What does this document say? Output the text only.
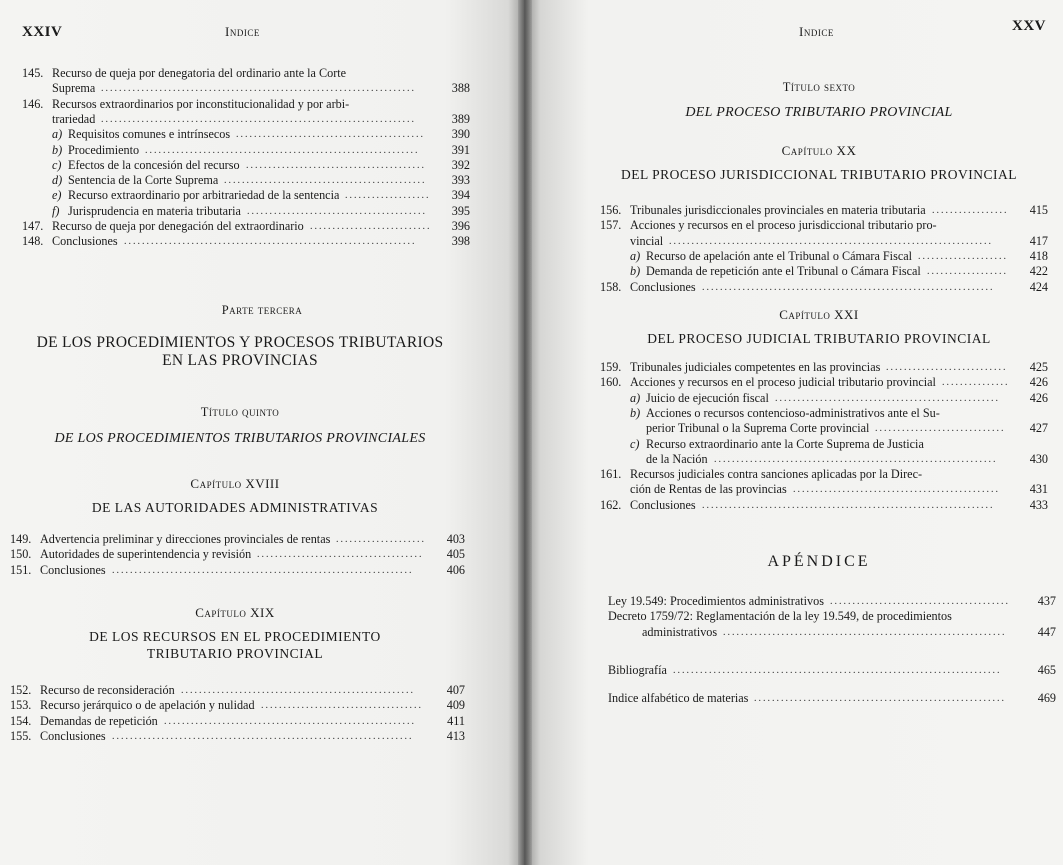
XXIV	Indice
145. Recurso de queja por denegatoria del ordinario ante la Corte
Suprema ......................................................................	388
146. Recursos extraordinarios por inconstitucionalidad y por arbi-
trariedad ......................................................................	389
a) Requisitos comunes e intrínsecos ..........................................	390
b) Procedimiento .............................................................	391
c) Efectos de la concesión del recurso ........................................	392
d) Sentencia de la Corte Suprema .............................................	393
e) Recurso extraordinario por arbitrariedad de la sentencia ...................	394
f) Jurisprudencia en materia tributaria ........................................	395
147. Recurso de queja por denegación del extraordinario ...........................	396
148. Conclusiones .................................................................	398
Parte tercera
DE LOS PROCEDIMIENTOS Y PROCESOS TRIBUTARIOS
EN LAS PROVINCIAS
Título quinto
DE LOS PROCEDIMIENTOS TRIBUTARIOS PROVINCIALES
Capítulo XVIII
DE LAS AUTORIDADES ADMINISTRATIVAS
149. Advertencia preliminar y direcciones provinciales de rentas ....................	403
150. Autoridades de superintendencia y revisión .....................................	405
151. Conclusiones ...................................................................	406
Capítulo XIX
DE LOS RECURSOS EN EL PROCEDIMIENTO
TRIBUTARIO PROVINCIAL
152. Recurso de reconsideración ....................................................	407
153. Recurso jerárquico o de apelación y nulidad ....................................	409
154. Demandas de repetición ........................................................	411
155. Conclusiones ...................................................................	413
Indice	XXV
Título sexto
DEL PROCESO TRIBUTARIO PROVINCIAL
Capítulo XX
DEL PROCESO JURISDICCIONAL TRIBUTARIO PROVINCIAL
156. Tribunales jurisdiccionales provinciales en materia tributaria .................	415
157. Acciones y recursos en el proceso jurisdiccional tributario pro-
vincial ........................................................................	417
a) Recurso de apelación ante el Tribunal o Cámara Fiscal ....................	418
b) Demanda de repetición ante el Tribunal o Cámara Fiscal ..................	422
158. Conclusiones .................................................................	424
Capítulo XXI
DEL PROCESO JUDICIAL TRIBUTARIO PROVINCIAL
159. Tribunales judiciales competentes en las provincias ...........................	425
160. Acciones y recursos en el proceso judicial tributario provincial ...............	426
a) Juicio de ejecución fiscal ..................................................	426
b) Acciones o recursos contencioso-administrativos ante el Su-
perior Tribunal o la Suprema Corte provincial .............................	427
c) Recurso extraordinario ante la Corte Suprema de Justicia
de la Nación ...............................................................	430
161. Recursos judiciales contra sanciones aplicadas por la Direc-
ción de Rentas de las provincias ..............................................	431
162. Conclusiones .................................................................	433
APÉNDICE
Ley 19.549: Procedimientos administrativos ........................................	437
Decreto 1759/72: Reglamentación de la ley 19.549, de procedimientos
administrativos ...............................................................	447
Bibliografía .........................................................................	465
Indice alfabético de materias ........................................................	469
